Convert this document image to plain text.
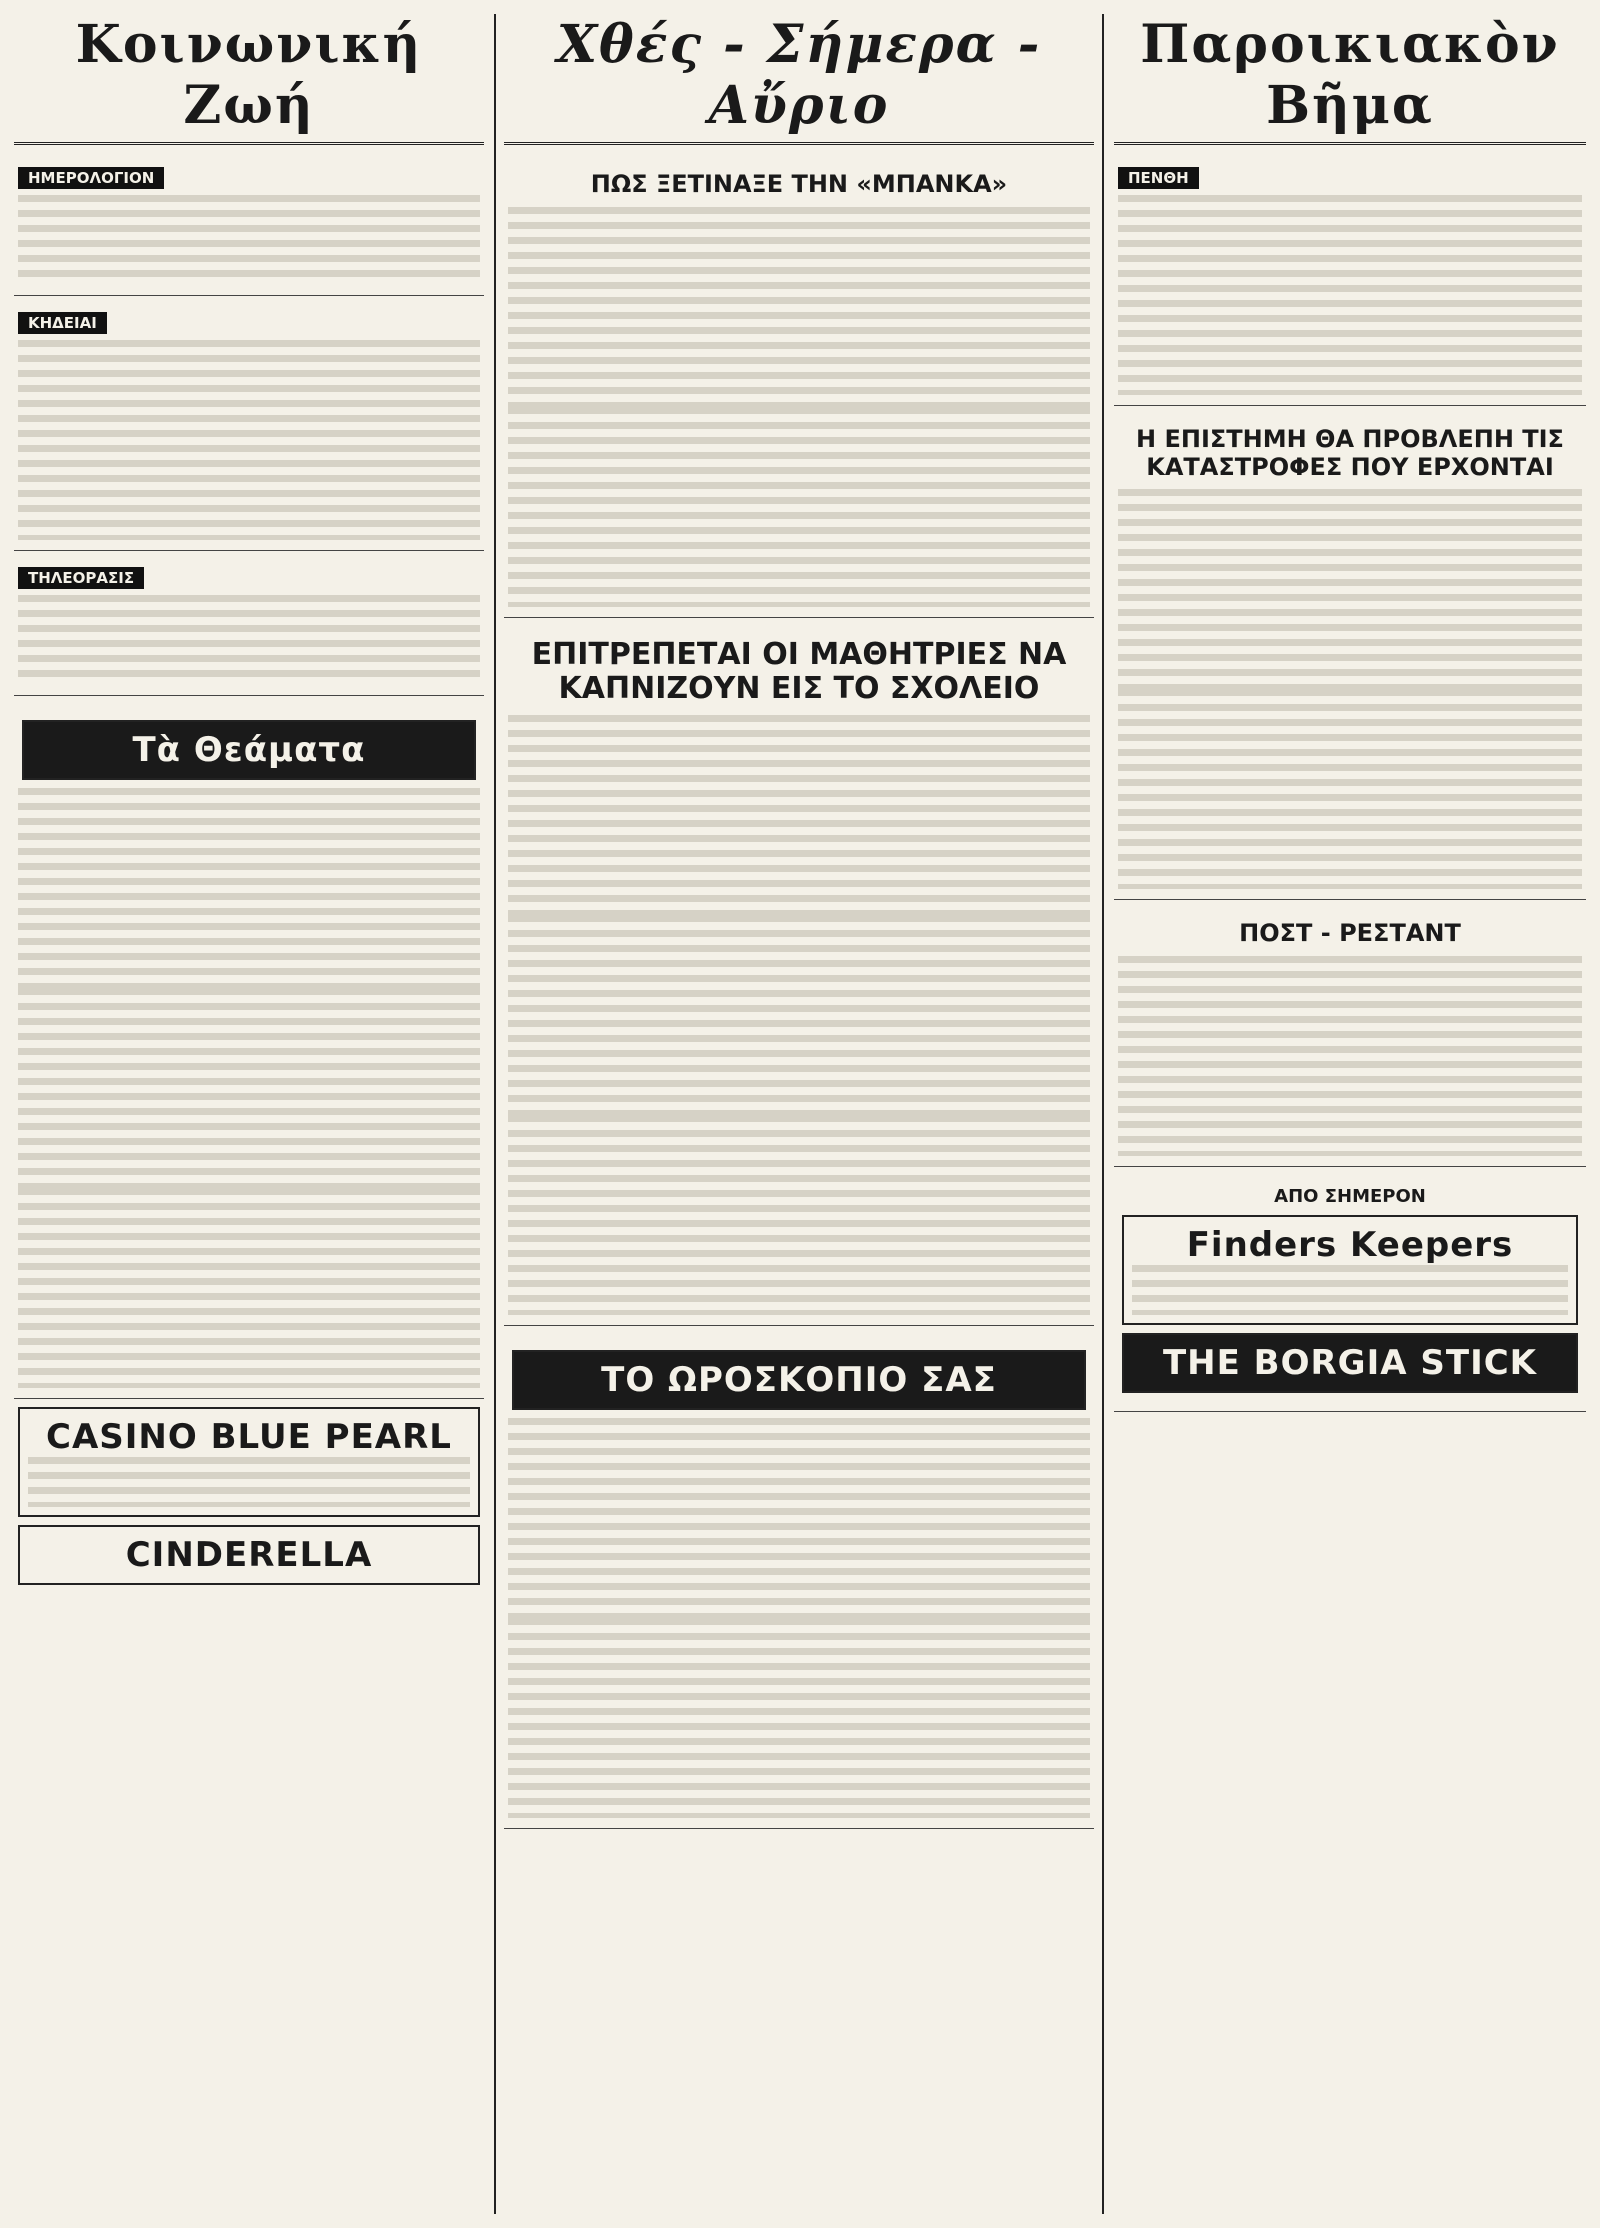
Κοινωνική Ζωή
ΗΜΕΡΟΛΟΓΙΟΝ
ΚΗΔΕΙΑΙ
ΤΗΛΕΟΡΑΣΙΣ
Τὰ Θεάματα
CASINO BLUE PEARL
CINDERELLA
Χθές - Σήμερα - Αὔριο
ΠΩΣ ΞΕΤΙΝΑΞΕ ΤΗΝ «ΜΠΑΝΚΑ»
ΕΠΙΤΡΕΠΕΤΑΙ ΟΙ ΜΑΘΗΤΡΙΕΣ ΝΑ ΚΑΠΝΙΖΟΥΝ ΕΙΣ ΤΟ ΣΧΟΛΕΙΟ
ΤΟ ΩΡΟΣΚΟΠΙΟ ΣΑΣ
Παροικιακὸν Βῆμα
ΠΕΝΘΗ
Η ΕΠΙΣΤΗΜΗ ΘΑ ΠΡΟΒΛΕΠΗ ΤΙΣ ΚΑΤΑΣΤΡΟΦΕΣ ΠΟΥ ΕΡΧΟΝΤΑΙ
ΠΟΣΤ - ΡΕΣΤΑΝΤ
ΑΠΟ ΣΗΜΕΡΟΝ
Finders Keepers
THE BORGIA STICK
